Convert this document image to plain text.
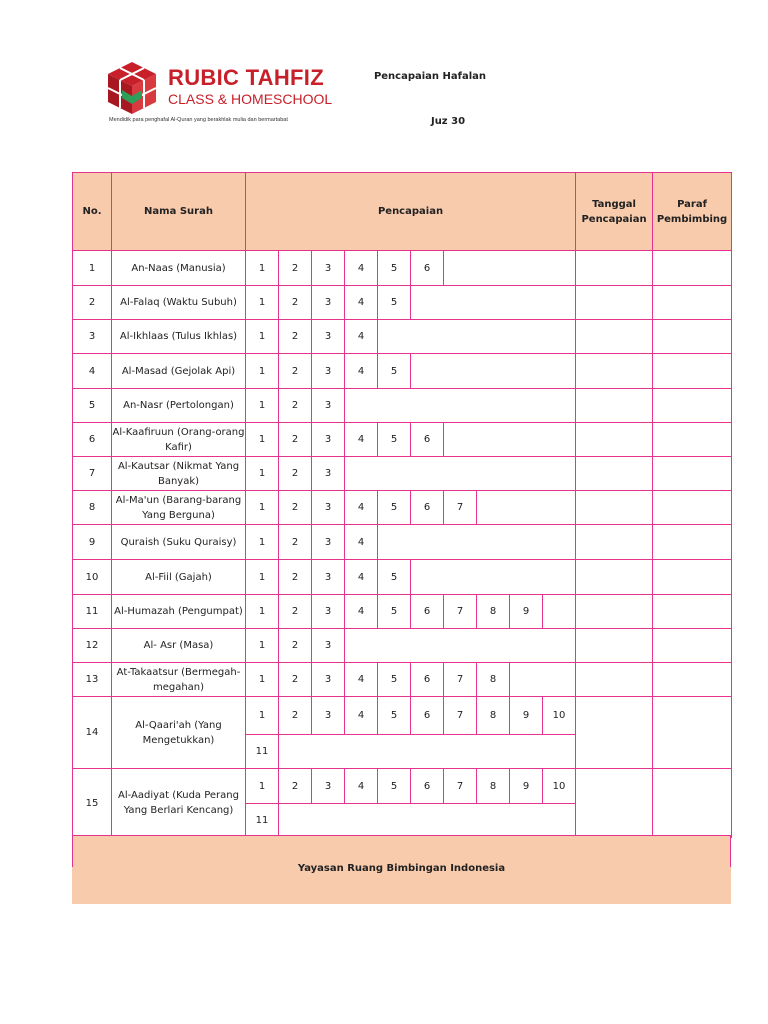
RUBIC TAHFIZ
CLASS & HOMESCHOOL
Mendidik para penghafal Al-Quran yang berakhlak mulia dan bermartabat
Pencapaian Hafalan
Juz 30
No.	Nama Surah	Pencapaian										Tanggal Pencapaian	Paraf Pembimbing
1	An-Naas (Manusia)	1	2	3	4	5	6						
2	Al-Falaq (Waktu Subuh)	1	2	3	4	5							
3	Al-Ikhlaas (Tulus Ikhlas)	1	2	3	4								
4	Al-Masad (Gejolak Api)	1	2	3	4	5							
5	An-Nasr (Pertolongan)	1	2	3									
6	Al-Kaafiruun (Orang-orang Kafir)	1	2	3	4	5	6						
7	Al-Kautsar (Nikmat Yang Banyak)	1	2	3									
8	Al-Ma'un (Barang-barang Yang Berguna)	1	2	3	4	5	6	7					
9	Quraish (Suku Quraisy)	1	2	3	4								
10	Al-Fiil (Gajah)	1	2	3	4	5							
11	Al-Humazah (Pengumpat)	1	2	3	4	5	6	7	8	9			
12	Al- Asr (Masa)	1	2	3									
13	At-Takaatsur (Bermegah-megahan)	1	2	3	4	5	6	7	8				
14	Al-Qaari'ah (Yang Mengetukkan)	1	2	3	4	5	6	7	8	9	10		
		11											
15	Al-Aadiyat (Kuda Perang Yang Berlari Kencang)	1	2	3	4	5	6	7	8	9	10		
		11											
Yayasan Ruang Bimbingan Indonesia
